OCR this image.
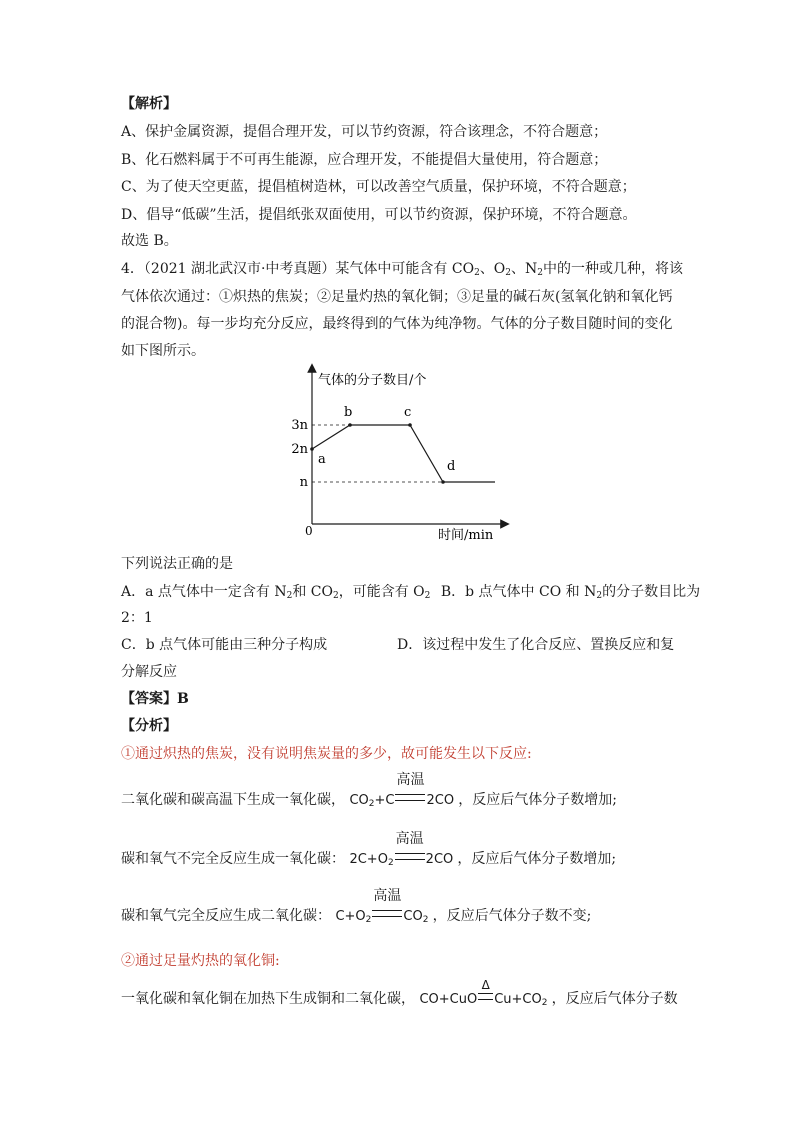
【解析】
A、保护金属资源，提倡合理开发，可以节约资源，符合该理念，不符合题意；
B、化石燃料属于不可再生能源，应合理开发，不能提倡大量使用，符合题意；
C、为了使天空更蓝，提倡植树造林，可以改善空气质量，保护环境，不符合题意；
D、倡导“低碳”生活，提倡纸张双面使用，可以节约资源，保护环境，不符合题意。
故选 B。
4．（2021 湖北武汉市·中考真题）某气体中可能含有 $CO_2$、$O_2$、$N_2$中的一种或几种，将该
气体依次通过：①炽热的焦炭；②足量灼热的氧化铜；③足量的碱石灰(氢氧化钠和氧化钙
的混合物)。每一步均充分反应，最终得到的气体为纯净物。气体的分子数目随时间的变化
如下图所示。
气体的分子数目/个
时间/min
0
3n
2n
n
a
b	c
d
下列说法正确的是
A．a 点气体中一定含有 $N_2$和 $CO_2$，可能含有 $O_2$ B．b 点气体中 CO 和 $N_2$的分子数目比为
2：1
C．b 点气体可能由三种分子构成	D．该过程中发生了化合反应、置换反应和复
分解反应
【答案】B
【分析】
①通过炽热的焦炭，没有说明焦炭量的多少，故可能发生以下反应:
二氧化碳和碳高温下生成一氧化碳， $CO_2+C$
高温
2CO ，反应后气体分子数增加;
碳和氧气不完全反应生成一氧化碳： $2C+O_2$
高温
2CO ，反应后气体分子数增加;
碳和氧气完全反应生成二氧化碳： $C+O_2$
高温
$CO_2$ ，反应后气体分子数不变;
②通过足量灼热的氧化铜:
一氧化碳和氧化铜在加热下生成铜和二氧化碳， CO+CuO
Δ
$Cu+CO_2$ ，反应后气体分子数
